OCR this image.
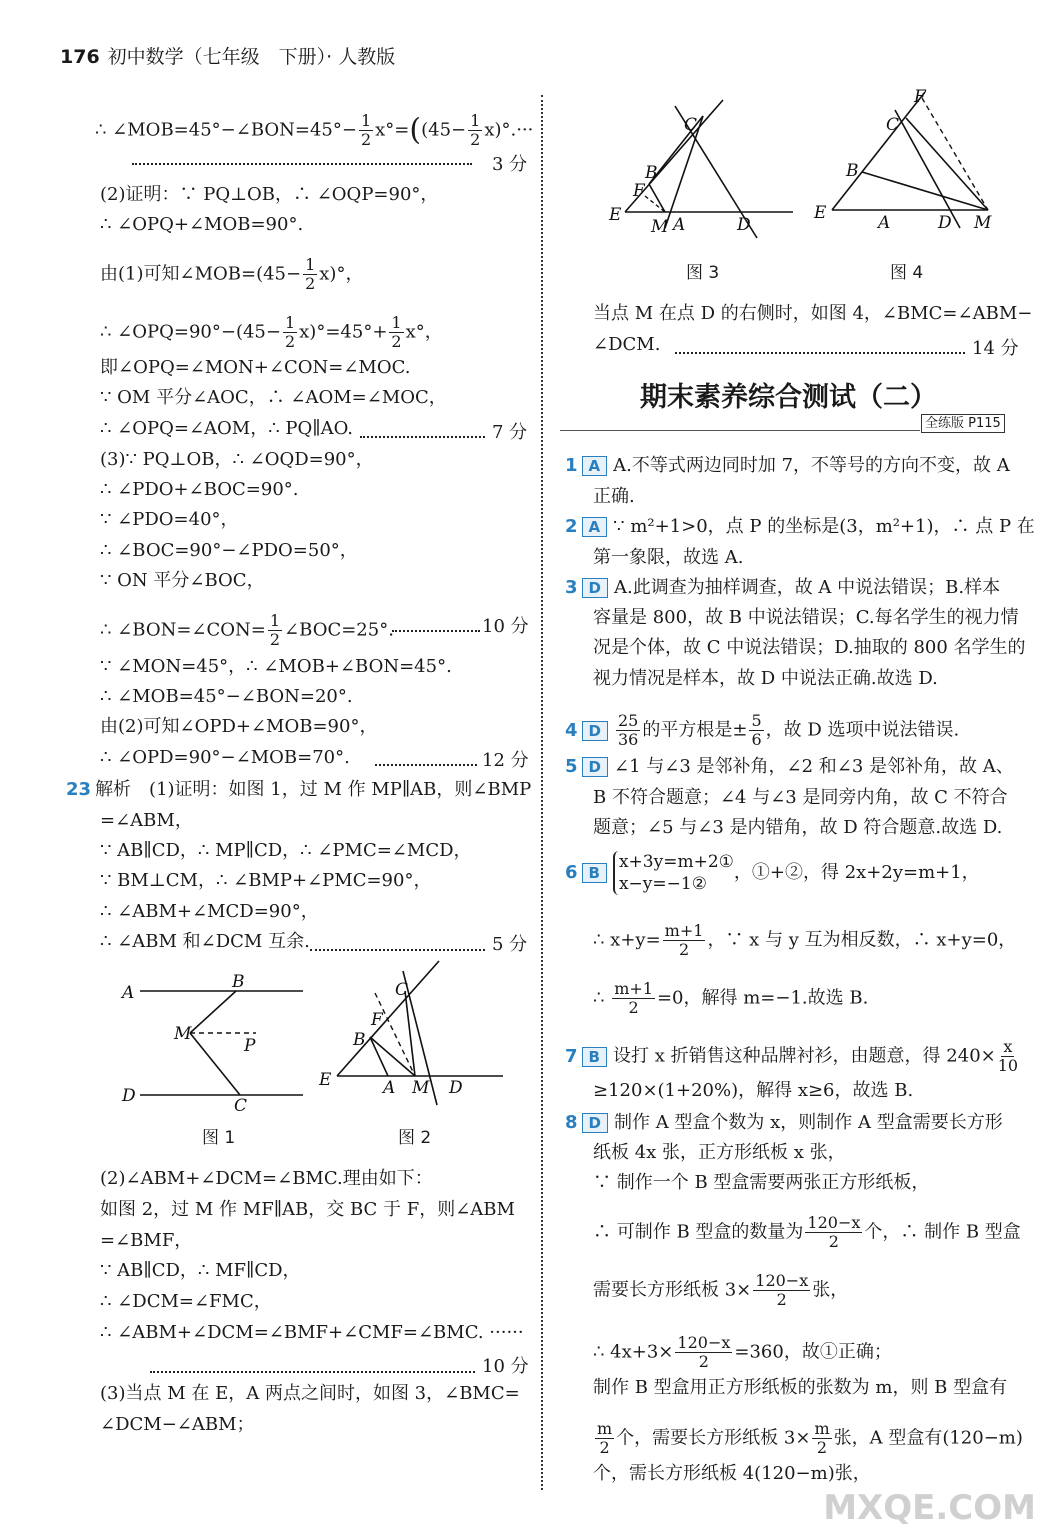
176 初中数学（七年级　下册）· 人教版
∴ ∠MOB=45°−∠BON=45°− $\frac{1}{2} x^\circ=((45- \frac{1}{2} x)^\circ.\cdot\cdot\cdot$
3 分
(2)证明：∵ PQ⊥OB，∴ ∠OQP=90°，
∴ ∠OPQ+∠MOB=90°.
由(1)可知∠MOB=(45− $\frac{1}{2} x)^\circ$，
∴ ∠OPQ=90°−(45− $\frac{1}{2} x)^\circ=45^\circ+ \frac{1}{2} x^\circ$，
即∠OPQ=∠MON+∠CON=∠MOC.
∵ OM 平分∠AOC，∴ ∠AOM=∠MOC，
∴ ∠OPQ=∠AOM，∴ PQ∥AO.	7 分
(3)∵ PQ⊥OB，∴ ∠OQD=90°，
∴ ∠PDO+∠BOC=90°.
∵ ∠PDO=40°，
∴ ∠BOC=90°−∠PDO=50°，
∵ ON 平分∠BOC，
∴ ∠BON=∠CON= $\frac{1}{2}$ ∠BOC=25°.	10 分
∵ ∠MON=45°，∴ ∠MOB+∠BON=45°.
∴ ∠MOB=45°−∠BON=20°.
由(2)可知∠OPD+∠MOB=90°，
∴ ∠OPD=90°−∠MOB=70°.	12 分
23 解析　(1)证明：如图 1，过 M 作 MP∥AB，则∠BMP
=∠ABM，
∵ AB∥CD，∴ MP∥CD，∴ ∠PMC=∠MCD，
∵ BM⊥CM，∴ ∠BMP+∠PMC=90°，
∴ ∠ABM+∠MCD=90°，
∴ ∠ABM 和∠DCM 互余.	5 分
A
B
M
P
D	C
图 1
C
F
B
E	A M D
图 2
(2)∠ABM+∠DCM=∠BMC.理由如下：
如图 2，过 M 作 MF∥AB，交 BC 于 F，则∠ABM
=∠BMF，
∵ AB∥CD，∴ MF∥CD，
∴ ∠DCM=∠FMC，
∴ ∠ABM+∠DCM=∠BMF+∠CMF=∠BMC. ······
10 分
(3)当点 M 在 E，A 两点之间时，如图 3，∠BMC=
∠DCM−∠ABM；
C
B
F
E
M A	D
图 3
F
C
B
E	A	D M
图 4
当点 M 在点 D 的右侧时，如图 4，∠BMC=∠ABM−
∠DCM.	14 分
期末素养综合测试（二）
全练版 P115
1 A A.不等式两边同时加 7，不等号的方向不变，故 A
正确.
2 A ∵ m²+1>0，点 P 的坐标是(3，m²+1)，∴ 点 P 在
第一象限，故选 A.
3 D A.此调查为抽样调查，故 A 中说法错误；B.样本
容量是 800，故 B 中说法错误；C.每名学生的视力情
况是个体，故 C 中说法错误；D.抽取的 800 名学生的
视力情况是样本，故 D 中说法正确.故选 D.
4 D $\frac{25}{36}$ 的平方根是± $\frac{5}{6}$ ，故 D 选项中说法错误.
5 D ∠1 与∠3 是邻补角，∠2 和∠3 是邻补角，故 A、
B 不符合题意；∠4 与∠3 是同旁内角，故 C 不符合
题意；∠5 与∠3 是内错角，故 D 符合题意.故选 D.
6 B
x+3y=m+2①
x−y=−1②
，①+②，得 2x+2y=m+1，
∴ $x+y= \frac{m+1}{2}$ ，∵ x 与 y 互为相反数，∴ x+y=0，
∴ $\frac{m+1}{2} =0$，解得 m=−1.故选 B.
7 B 设打 x 折销售这种品牌衬衫，由题意，得 $240\times \frac{x}{10}$
≥120×(1+20%)，解得 x≥6，故选 B.
8 D 制作 A 型盒个数为 x，则制作 A 型盒需要长方形
纸板 4x 张，正方形纸板 x 张，
∵ 制作一个 B 型盒需要两张正方形纸板，
∴ 可制作 B 型盒的数量为 $\frac{120-x}{2}$ 个，∴ 制作 B 型盒
需要长方形纸板 $3\times \frac{120-x}{2}$ 张，
∴ $4x+3\times \frac{120-x}{2} =360$，故①正确；
制作 B 型盒用正方形纸板的张数为 m，则 B 型盒有
$\frac{m}{2}$ 个，需要长方形纸板 $3\times \frac{m}{2}$ 张，A 型盒有(120−m)
个，需长方形纸板 4(120−m)张，
MXQE.COM
